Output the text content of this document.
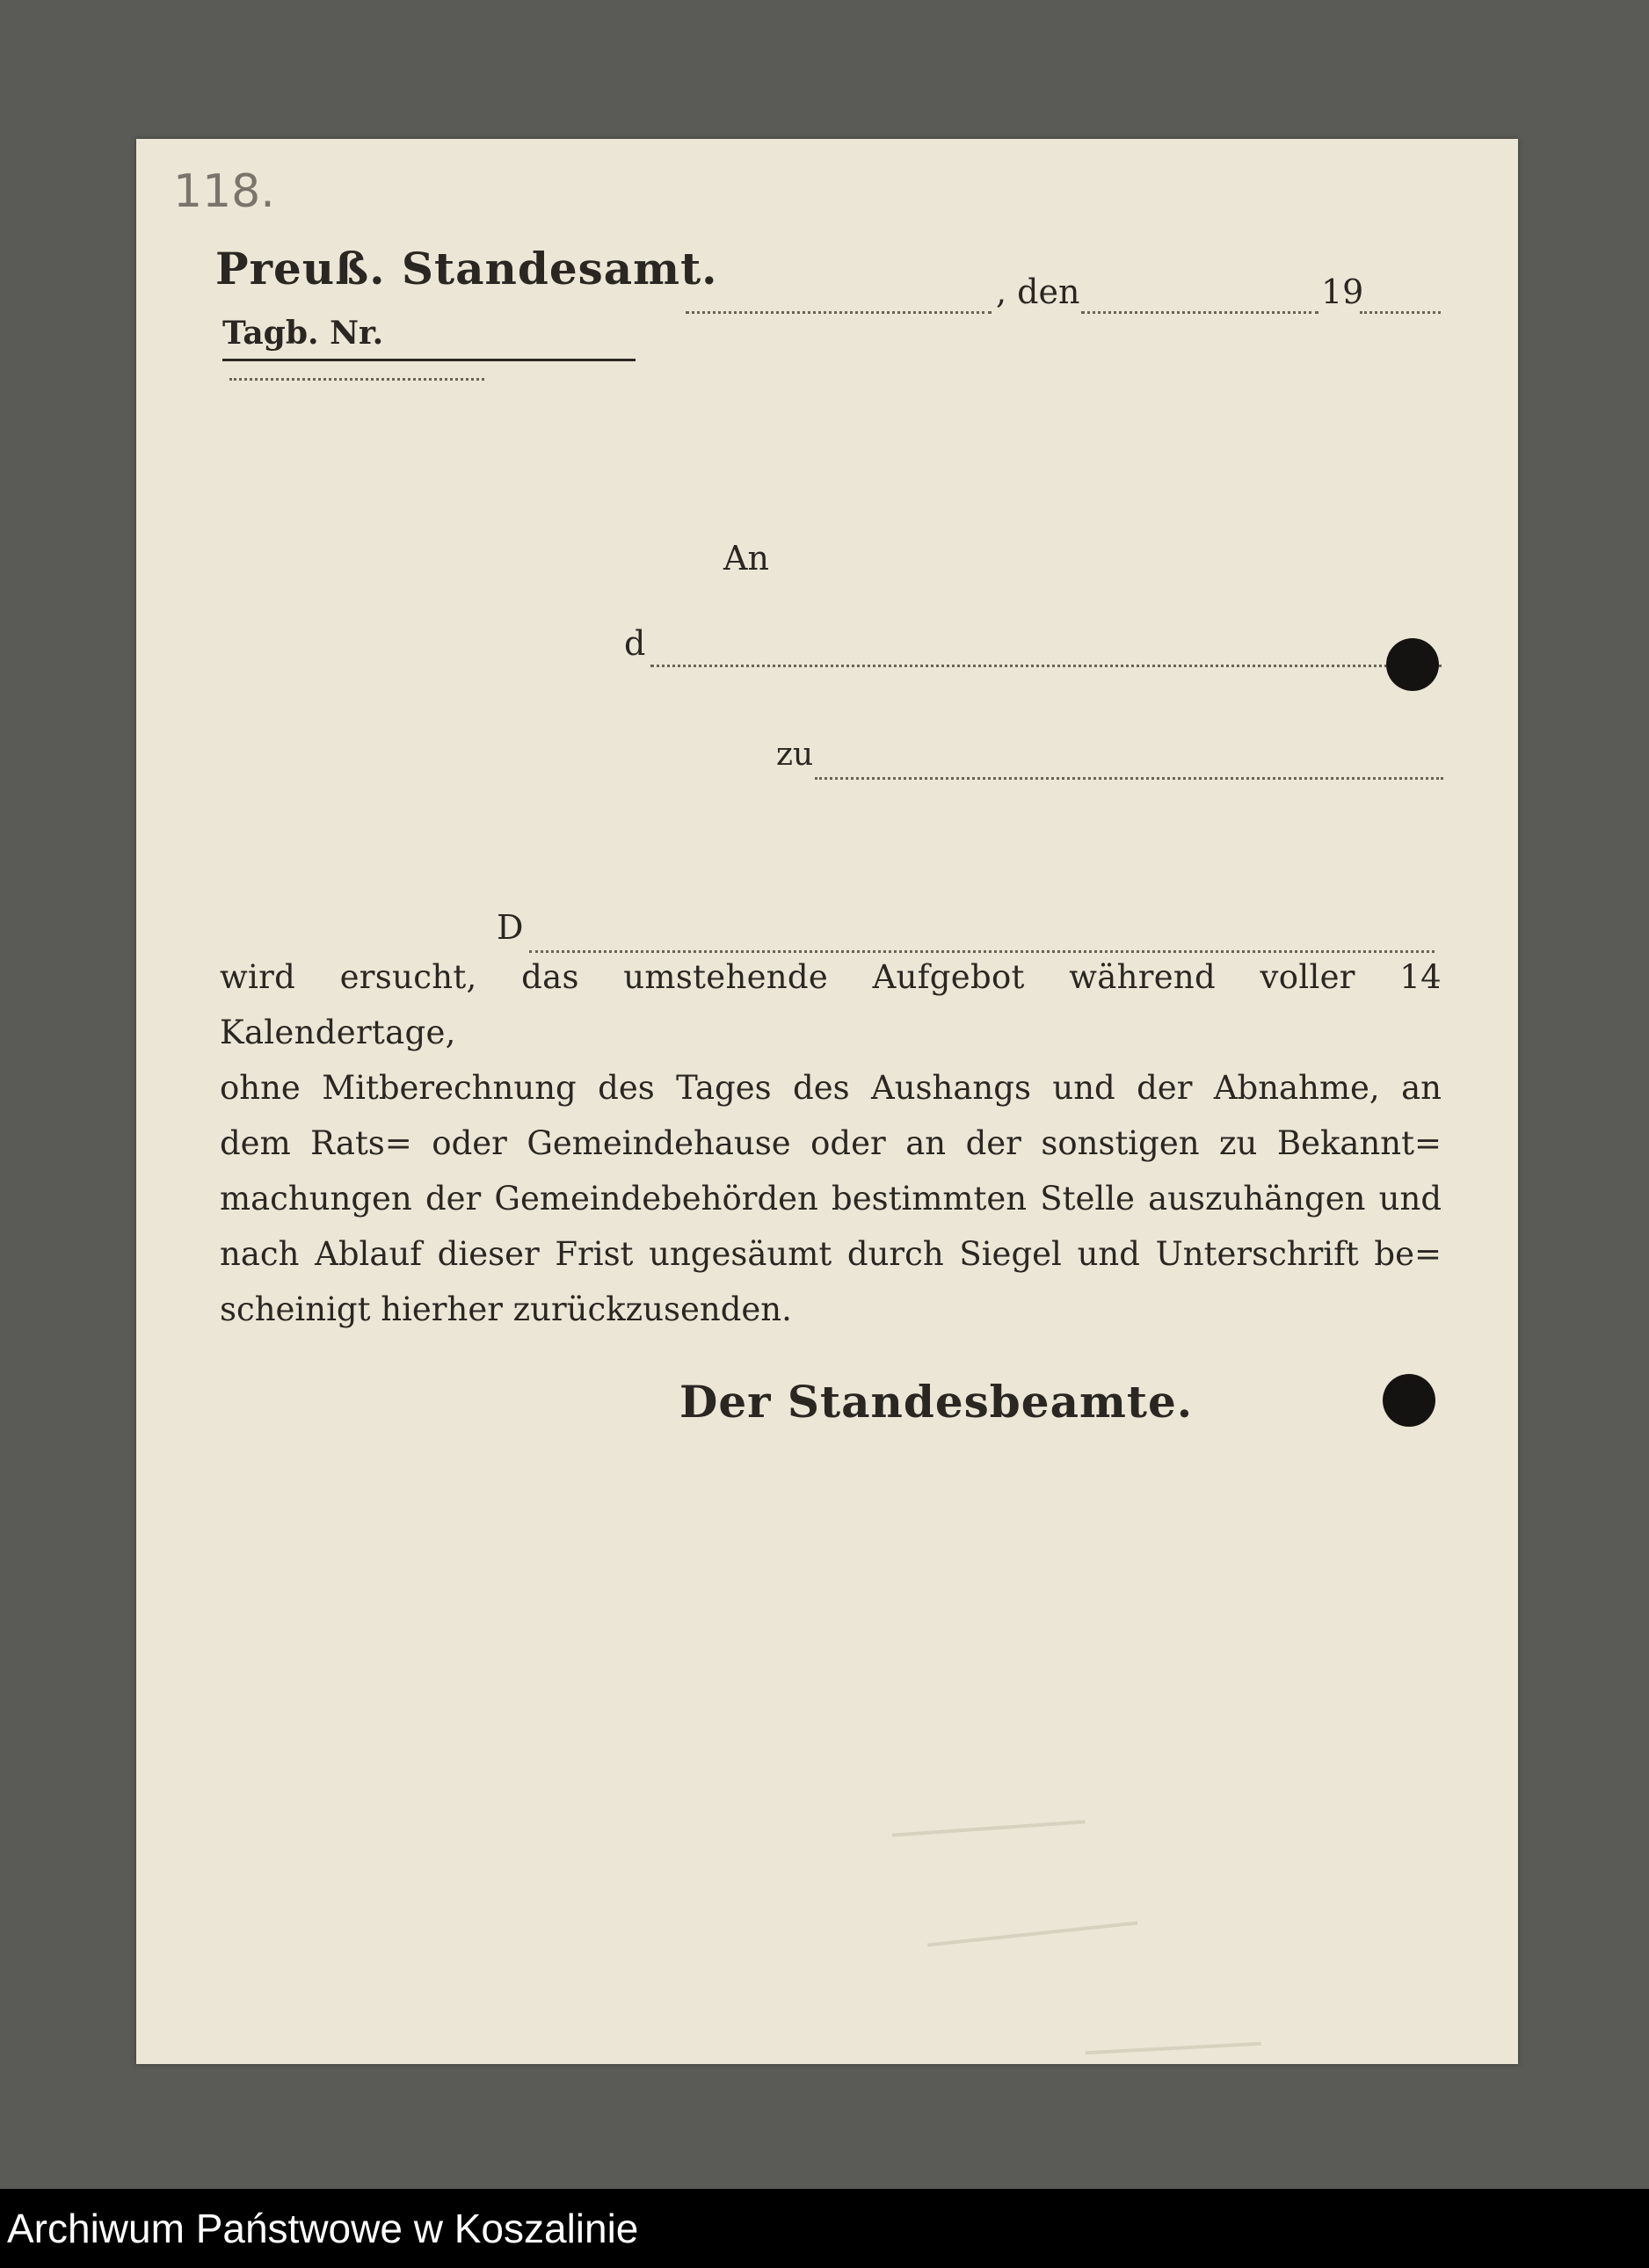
118.
Preuß. Standesamt.
Tagb. Nr.
, den	19
An
d
zu
D

wird ersucht, das umstehende Aufgebot während voller 14 Kalendertage,

ohne Mitberechnung des Tages des Aushangs und der Abnahme, an

dem Rats= oder Gemeindehause oder an der sonstigen zu Bekannt=

machungen der Gemeindebehörden bestimmten Stelle auszuhängen und

nach Ablauf dieser Frist ungesäumt durch Siegel und Unterschrift be=

scheinigt hierher zurückzusenden.

Der Standesbeamte.
Archiwum Państwowe w Koszalinie
